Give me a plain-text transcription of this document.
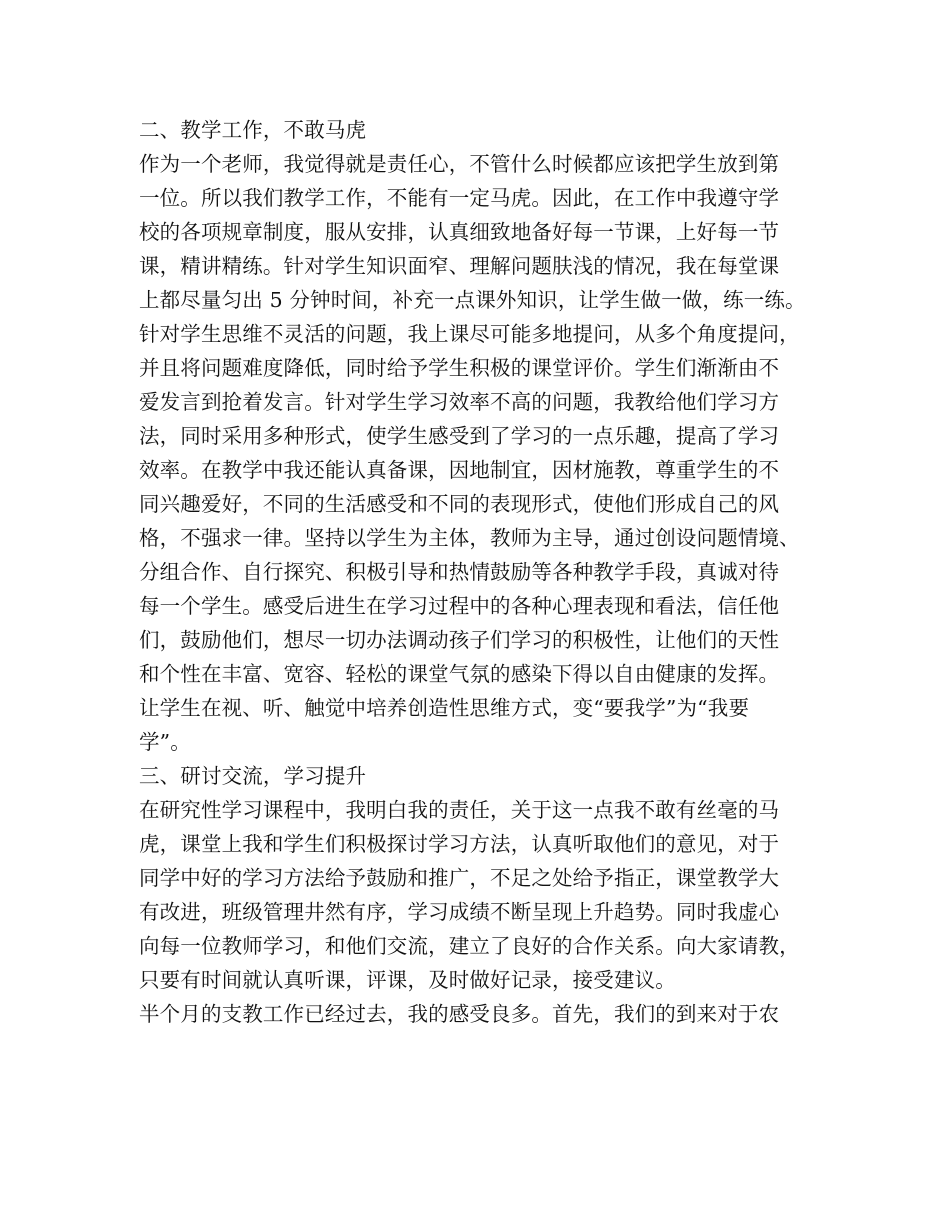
二、教学工作，不敢马虎
作为一个老师，我觉得就是责任心，不管什么时候都应该把学生放到第
一位。所以我们教学工作，不能有一定马虎。因此，在工作中我遵守学
校的各项规章制度，服从安排，认真细致地备好每一节课，上好每一节
课，精讲精练。针对学生知识面窄、理解问题肤浅的情况，我在每堂课
上都尽量匀出 5 分钟时间，补充一点课外知识，让学生做一做，练一练。
针对学生思维不灵活的问题，我上课尽可能多地提问，从多个角度提问，
并且将问题难度降低，同时给予学生积极的课堂评价。学生们渐渐由不
爱发言到抢着发言。针对学生学习效率不高的问题，我教给他们学习方
法，同时采用多种形式，使学生感受到了学习的一点乐趣，提高了学习
效率。在教学中我还能认真备课，因地制宜，因材施教，尊重学生的不
同兴趣爱好，不同的生活感受和不同的表现形式，使他们形成自己的风
格，不强求一律。坚持以学生为主体，教师为主导，通过创设问题情境、
分组合作、自行探究、积极引导和热情鼓励等各种教学手段，真诚对待
每一个学生。感受后进生在学习过程中的各种心理表现和看法，信任他
们，鼓励他们，想尽一切办法调动孩子们学习的积极性，让他们的天性
和个性在丰富、宽容、轻松的课堂气氛的感染下得以自由健康的发挥。
让学生在视、听、触觉中培养创造性思维方式，变“要我学”为“我要
学”。
三、研讨交流，学习提升
在研究性学习课程中，我明白我的责任，关于这一点我不敢有丝毫的马
虎，课堂上我和学生们积极探讨学习方法，认真听取他们的意见，对于
同学中好的学习方法给予鼓励和推广，不足之处给予指正，课堂教学大
有改进，班级管理井然有序，学习成绩不断呈现上升趋势。同时我虚心
向每一位教师学习，和他们交流，建立了良好的合作关系。向大家请教，
只要有时间就认真听课，评课，及时做好记录，接受建议。
半个月的支教工作已经过去，我的感受良多。首先，我们的到来对于农
